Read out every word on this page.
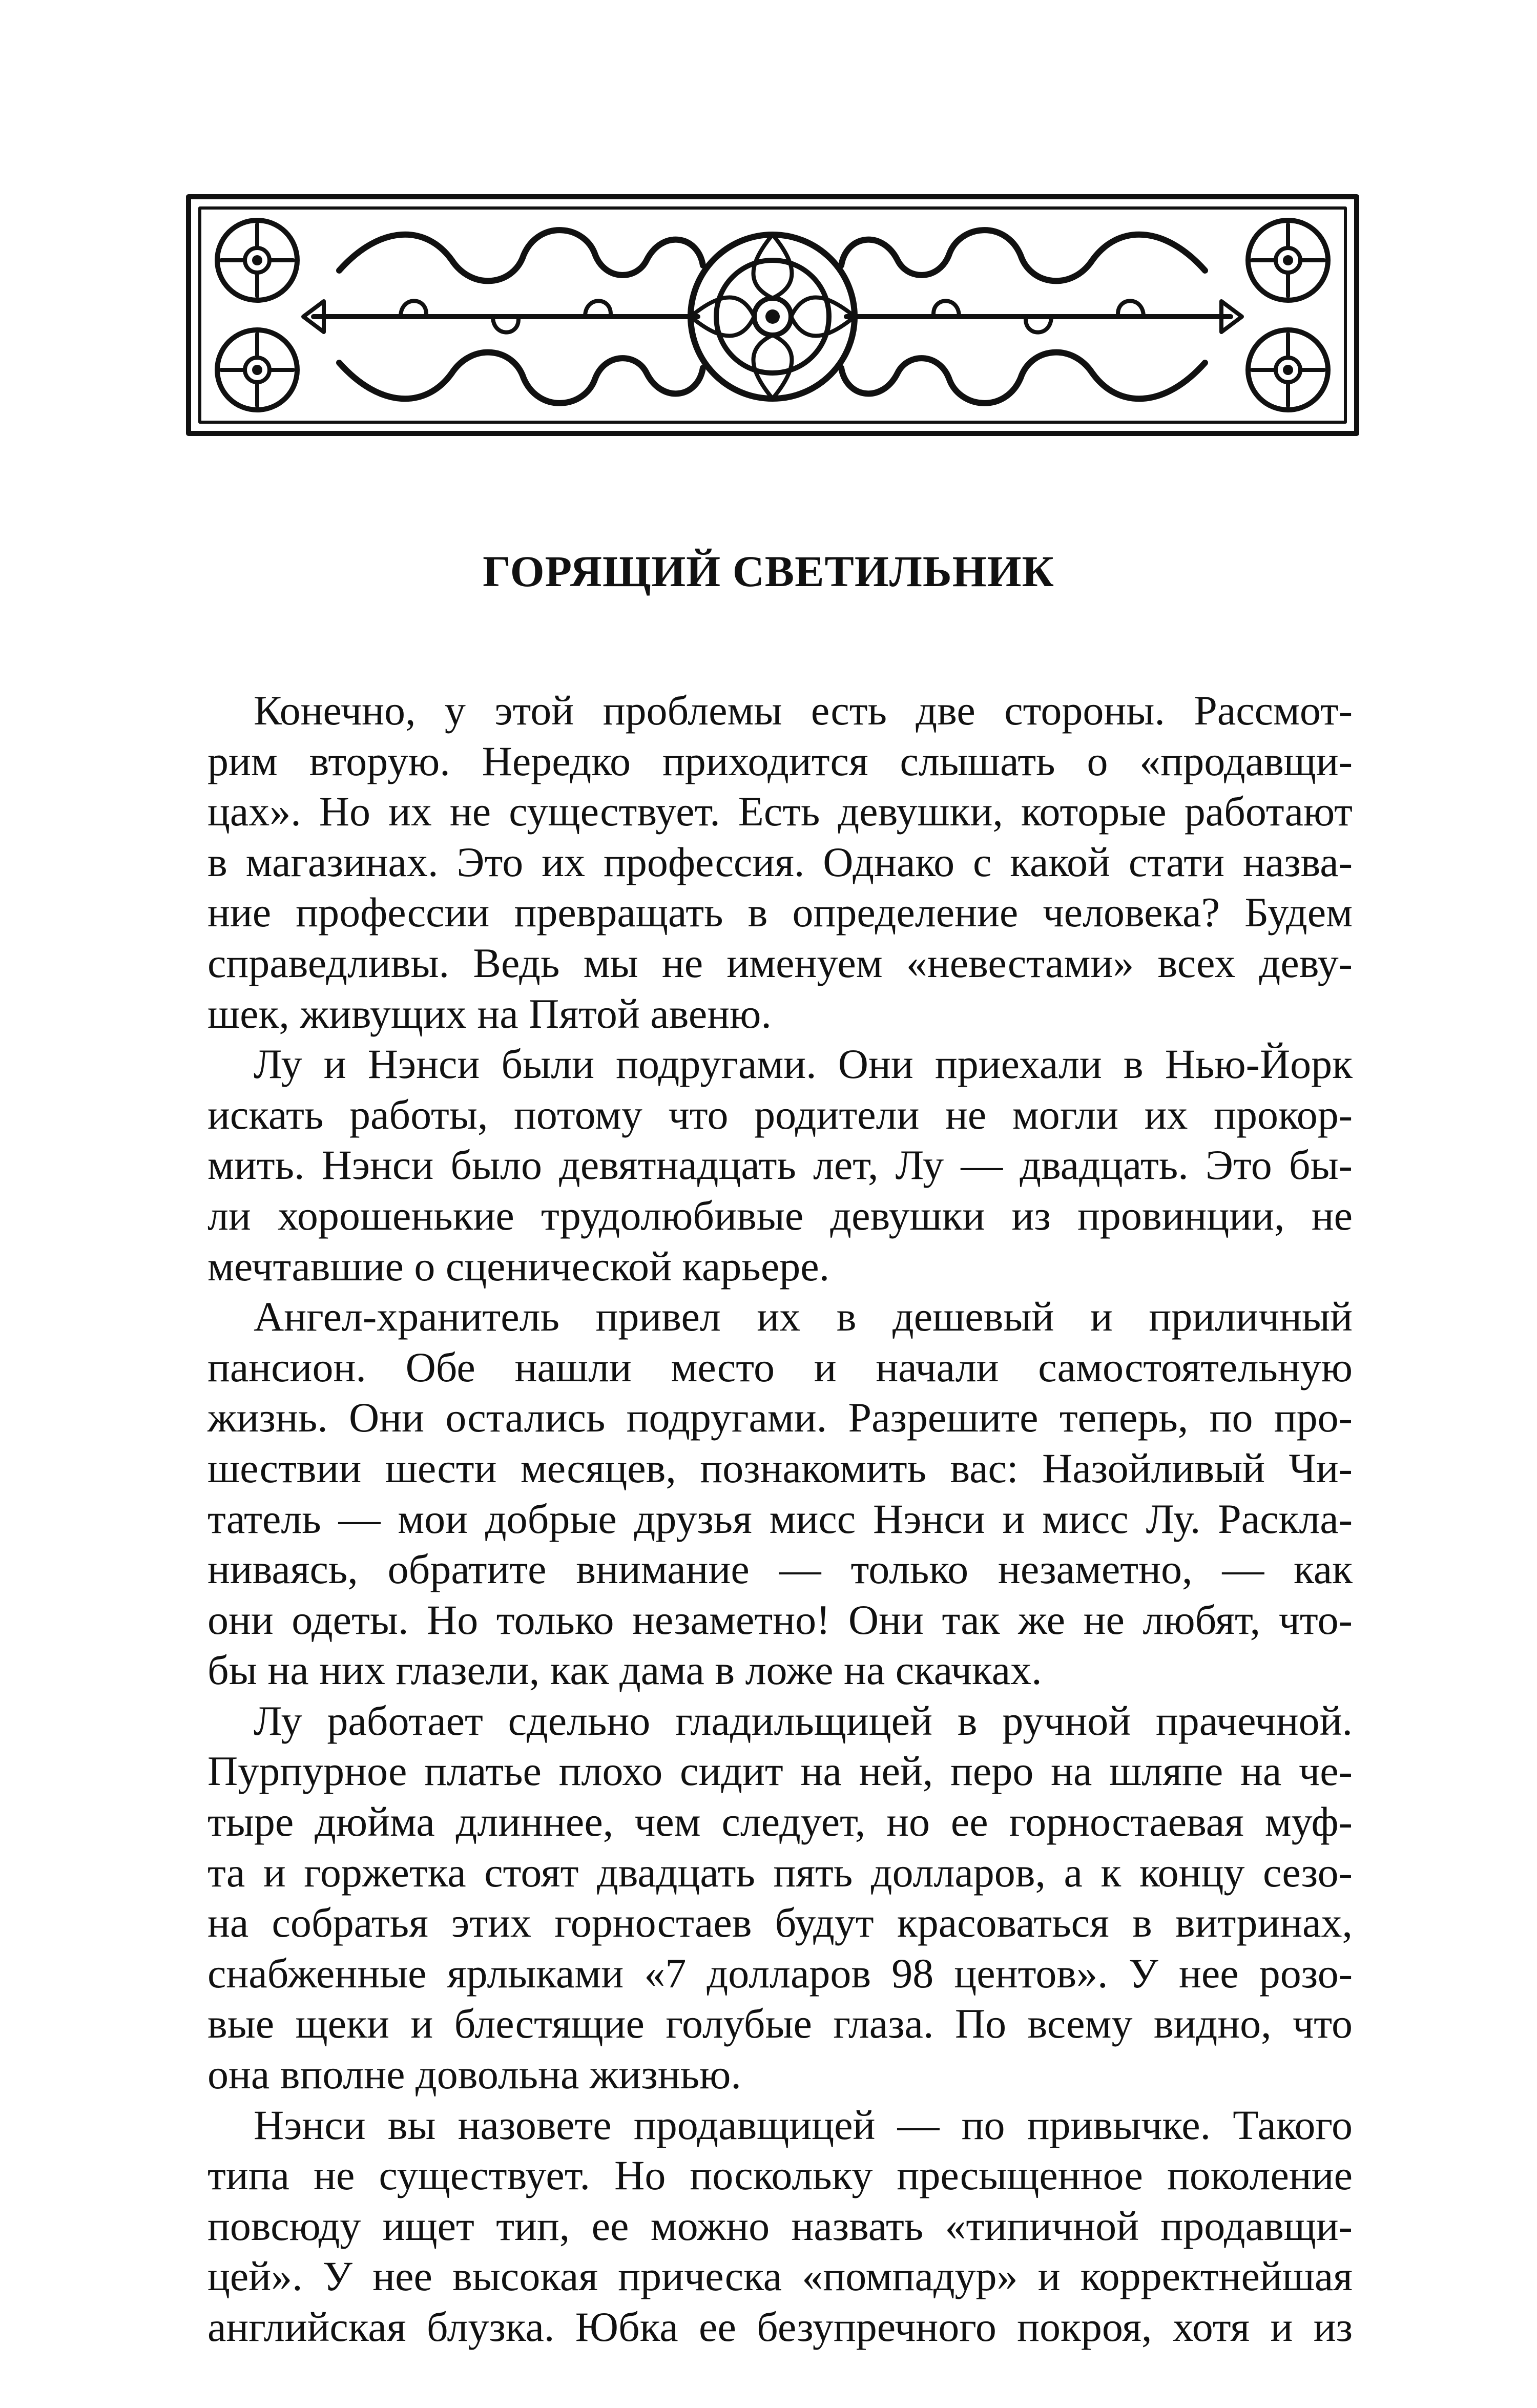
ГОРЯЩИЙ СВЕТИЛЬНИК
Конечно, у этой проблемы есть две стороны. Рассмот-
рим вторую. Нередко приходится слышать о «продавщи-
цах». Но их не существует. Есть девушки, которые работают
в магазинах. Это их профессия. Однако с какой стати назва-
ние профессии превращать в определение человека? Будем
справедливы. Ведь мы не именуем «невестами» всех деву-
шек, живущих на Пятой авеню.
Лу и Нэнси были подругами. Они приехали в Нью-Йорк
искать работы, потому что родители не могли их прокор-
мить. Нэнси было девятнадцать лет, Лу — двадцать. Это бы-
ли хорошенькие трудолюбивые девушки из провинции, не
мечтавшие о сценической карьере.
Ангел-хранитель привел их в дешевый и приличный
пансион. Обе нашли место и начали самостоятельную
жизнь. Они остались подругами. Разрешите теперь, по про-
шествии шести месяцев, познакомить вас: Назойливый Чи-
татель — мои добрые друзья мисс Нэнси и мисс Лу. Раскла-
ниваясь, обратите внимание — только незаметно, — как
они одеты. Но только незаметно! Они так же не любят, что-
бы на них глазели, как дама в ложе на скачках.
Лу работает сдельно гладильщицей в ручной прачечной.
Пурпурное платье плохо сидит на ней, перо на шляпе на че-
тыре дюйма длиннее, чем следует, но ее горностаевая муф-
та и горжетка стоят двадцать пять долларов, а к концу сезо-
на собратья этих горностаев будут красоваться в витринах,
снабженные ярлыками «7 долларов 98 центов». У нее розо-
вые щеки и блестящие голубые глаза. По всему видно, что
она вполне довольна жизнью.
Нэнси вы назовете продавщицей — по привычке. Такого
типа не существует. Но поскольку пресыщенное поколение
повсюду ищет тип, ее можно назвать «типичной продавщи-
цей». У нее высокая прическа «помпадур» и корректнейшая
английская блузка. Юбка ее безупречного покроя, хотя и из
